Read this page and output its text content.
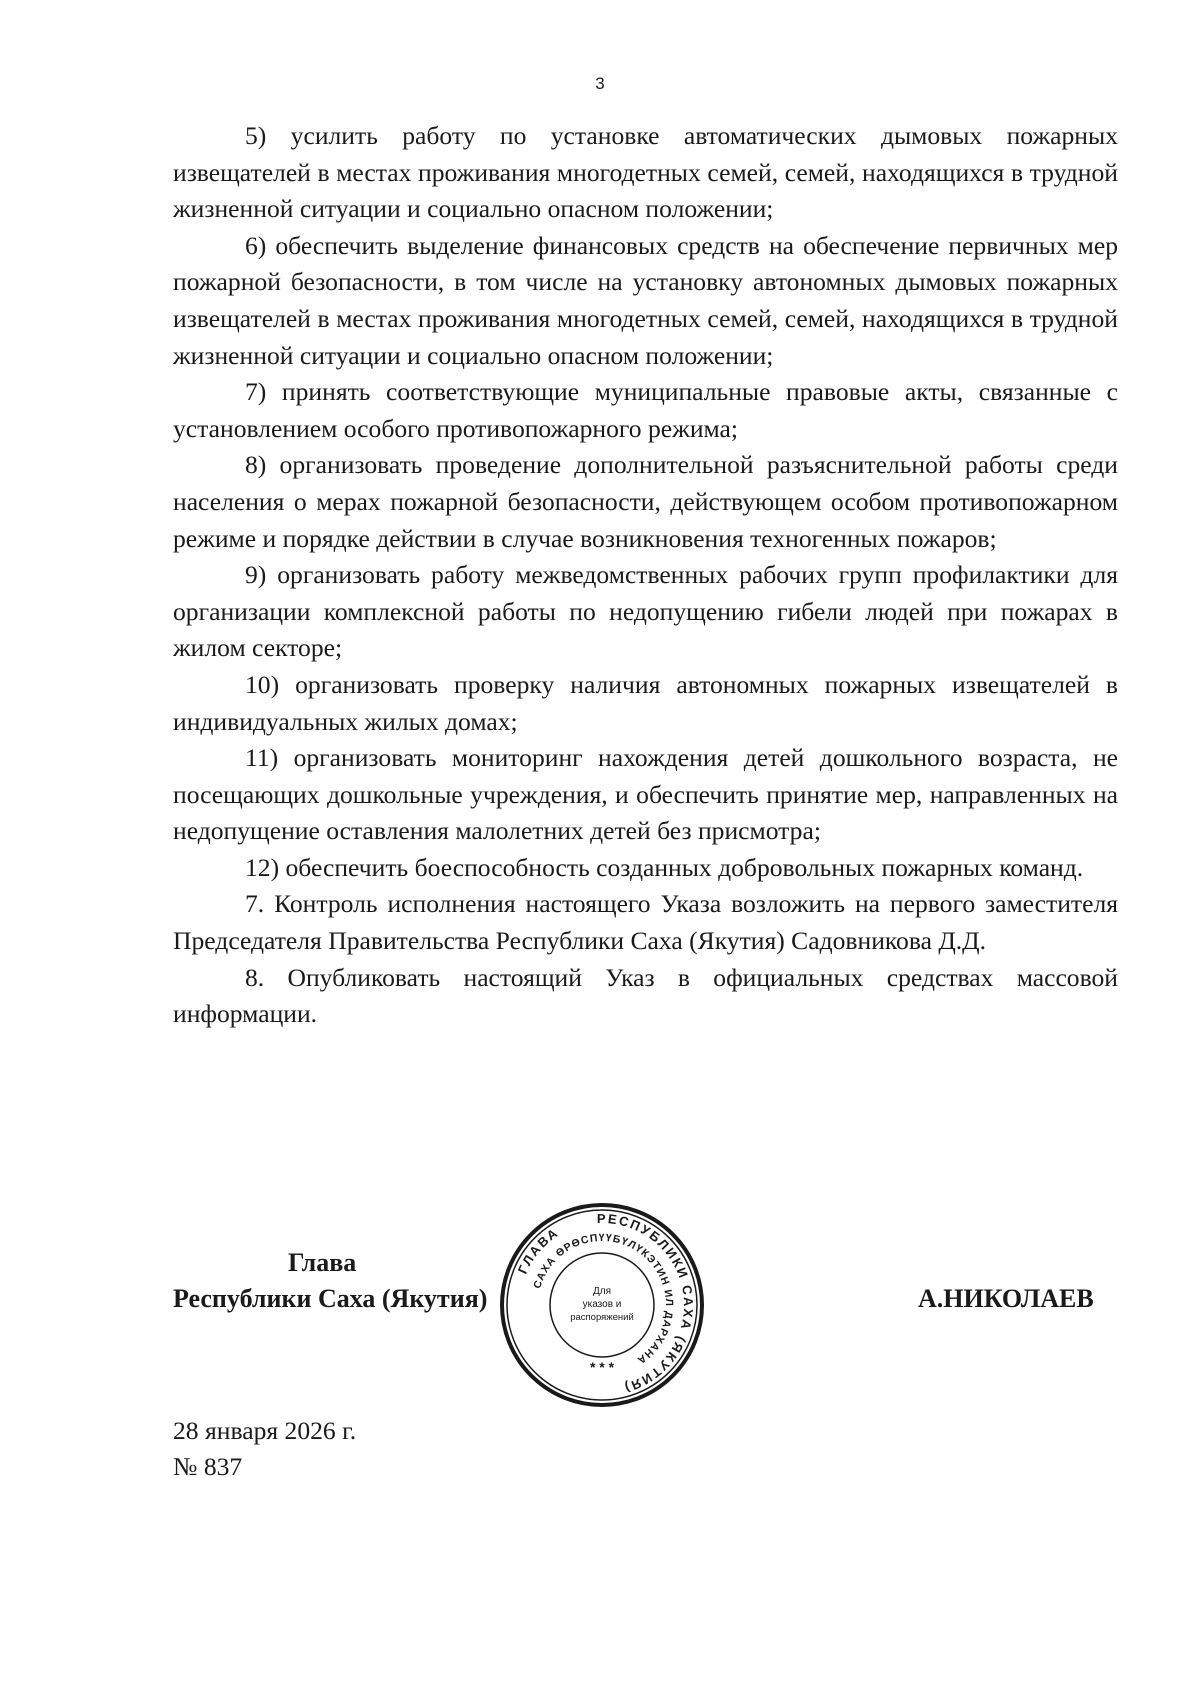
3

5) усилить работу по установке автоматических дымовых пожарных извещателей в местах проживания многодетных семей, семей, находящихся в трудной жизненной ситуации и социально опасном положении;

6) обеспечить выделение финансовых средств на обеспечение первичных мер пожарной безопасности, в том числе на установку автономных дымовых пожарных извещателей в местах проживания многодетных семей, семей, находящихся в трудной жизненной ситуации и социально опасном положении;

7) принять соответствующие муниципальные правовые акты, связанные с установлением особого противопожарного режима;

8) организовать проведение дополнительной разъяснительной работы среди населения о мерах пожарной безопасности, действующем особом противопожарном режиме и порядке действии в случае возникновения техногенных пожаров;

9) организовать работу межведомственных рабочих групп профилактики для организации комплексной работы по недопущению гибели людей при пожарах в жилом секторе;

10) организовать проверку наличия автономных пожарных извещателей в индивидуальных жилых домах;

11) организовать мониторинг нахождения детей дошкольного возраста, не посещающих дошкольные учреждения, и обеспечить принятие мер, направленных на недопущение оставления малолетних детей без присмотра;

12) обеспечить боеспособность созданных добровольных пожарных команд.

7. Контроль исполнения настоящего Указа возложить на первого заместителя Председателя Правительства Республики Саха (Якутия) Садовникова Д.Д.

8. Опубликовать настоящий Указ в официальных средствах массовой информации.

Глава
Республики Саха (Якутия)	А.НИКОЛАЕВ
РЕСПУБЛИКИ САХА (ЯКУТИЯ)
ГЛАВА
САХА ӨРӨСПҮҮБҮЛҮКЭТИН ИЛ ДАРХАНА
Для
указов и
распоряжений
* * *
28 января 2026 г.
№ 837
